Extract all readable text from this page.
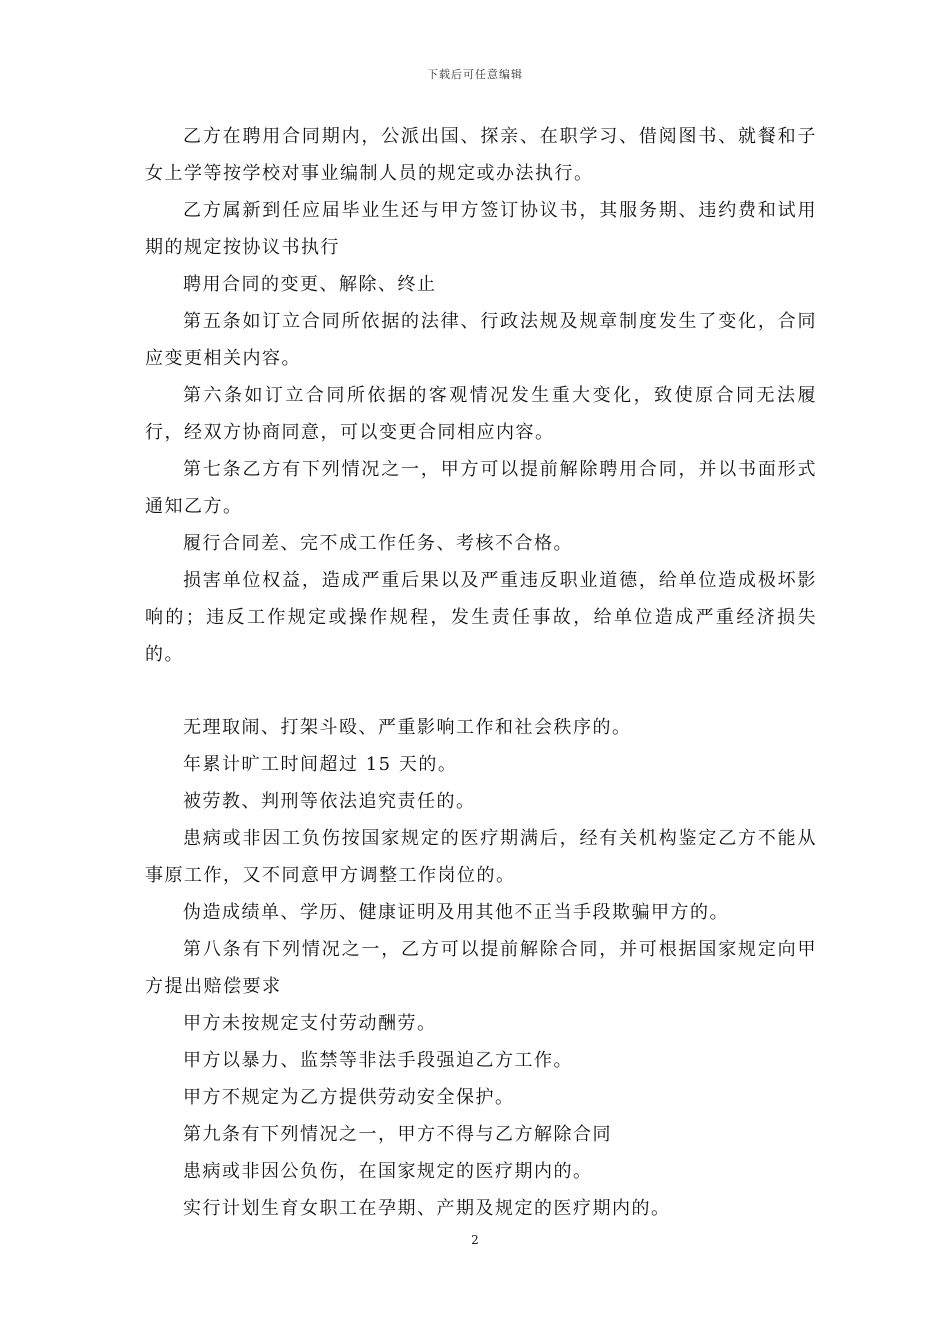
下载后可任意编辑

乙方在聘用合同期内，公派出国、探亲、在职学习、借阅图书、就餐和子女上学等按学校对事业编制人员的规定或办法执行。

乙方属新到任应届毕业生还与甲方签订协议书，其服务期、违约费和试用期的规定按协议书执行

聘用合同的变更、解除、终止

第五条如订立合同所依据的法律、行政法规及规章制度发生了变化，合同应变更相关内容。

第六条如订立合同所依据的客观情况发生重大变化，致使原合同无法履行，经双方协商同意，可以变更合同相应内容。

第七条乙方有下列情况之一，甲方可以提前解除聘用合同，并以书面形式通知乙方。

履行合同差、完不成工作任务、考核不合格。

损害单位权益，造成严重后果以及严重违反职业道德，给单位造成极坏影响的；违反工作规定或操作规程，发生责任事故，给单位造成严重经济损失的。

无理取闹、打架斗殴、严重影响工作和社会秩序的。

年累计旷工时间超过 15 天的。

被劳教、判刑等依法追究责任的。

患病或非因工负伤按国家规定的医疗期满后，经有关机构鉴定乙方不能从事原工作，又不同意甲方调整工作岗位的。

伪造成绩单、学历、健康证明及用其他不正当手段欺骗甲方的。

第八条有下列情况之一，乙方可以提前解除合同，并可根据国家规定向甲方提出赔偿要求

甲方未按规定支付劳动酬劳。

甲方以暴力、监禁等非法手段强迫乙方工作。

甲方不规定为乙方提供劳动安全保护。

第九条有下列情况之一，甲方不得与乙方解除合同

患病或非因公负伤，在国家规定的医疗期内的。

实行计划生育女职工在孕期、产期及规定的医疗期内的。

2
